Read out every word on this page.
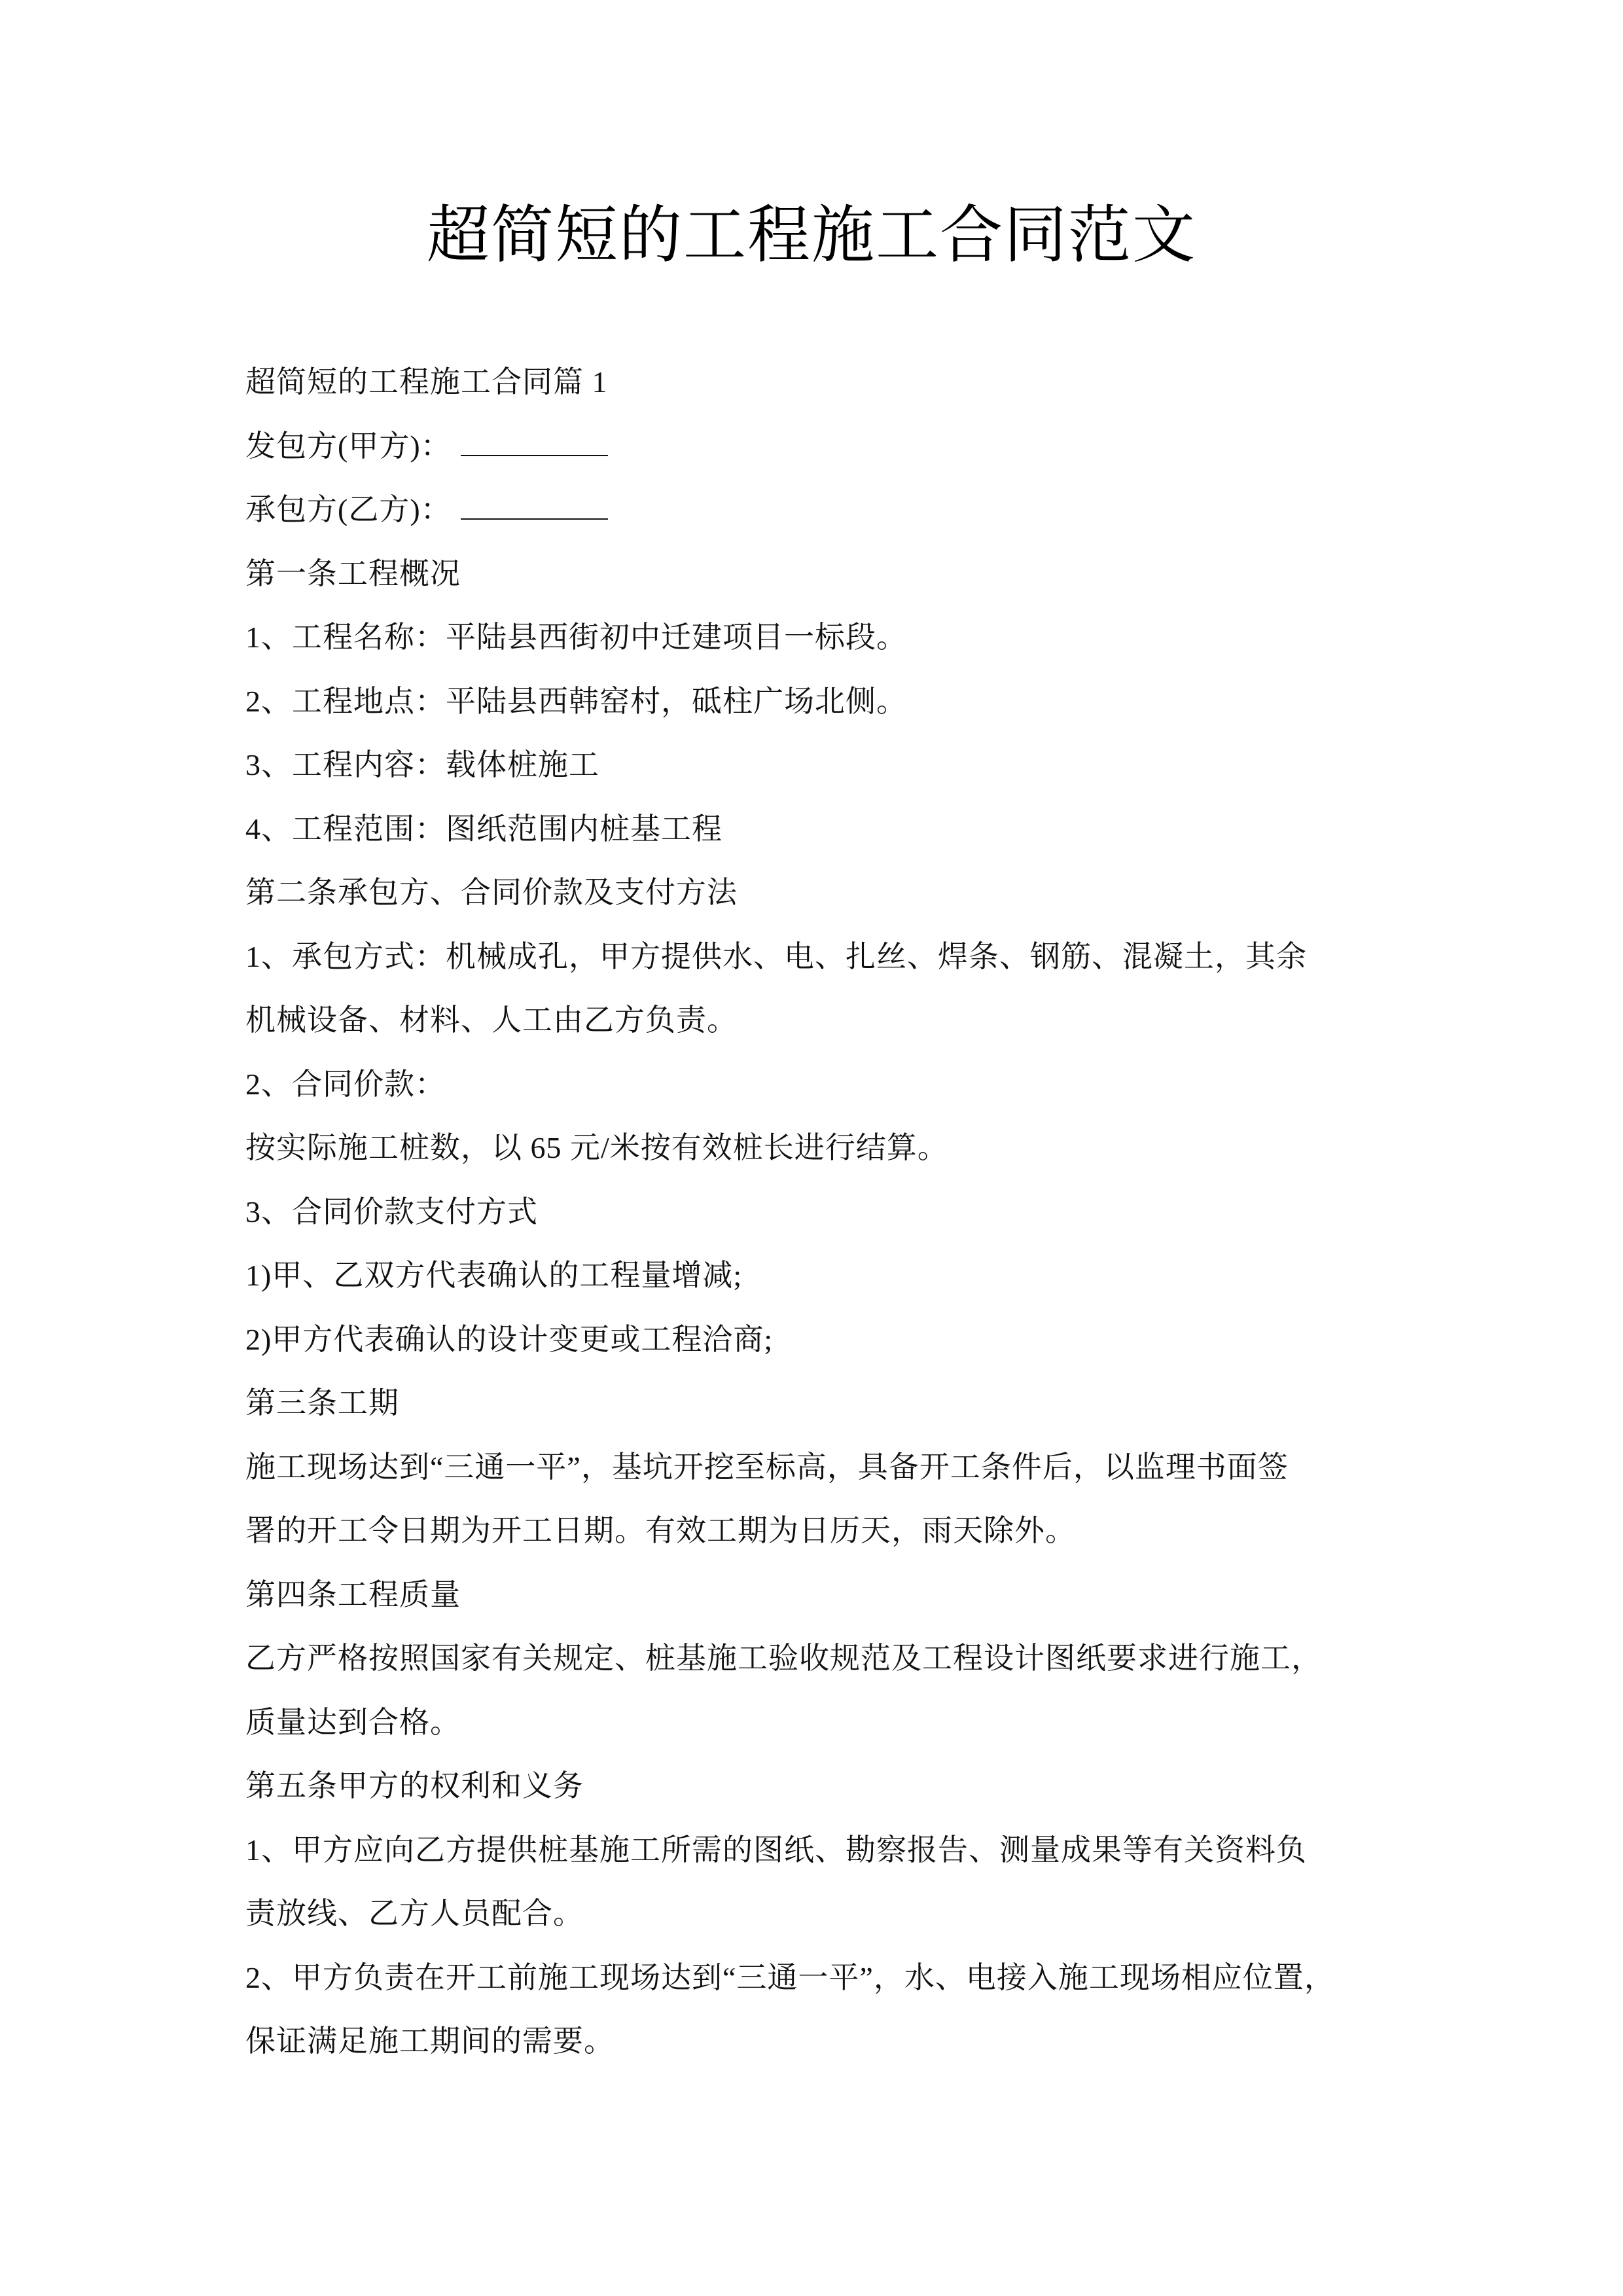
超简短的工程施工合同范文

超简短的工程施工合同篇 1

发包方(甲方)：

承包方(乙方)：

第一条工程概况

1、工程名称：平陆县西街初中迁建项目一标段。

2、工程地点：平陆县西韩窑村，砥柱广场北侧。

3、工程内容：载体桩施工

4、工程范围：图纸范围内桩基工程

第二条承包方、合同价款及支付方法

1、承包方式：机械成孔，甲方提供水、电、扎丝、焊条、钢筋、混凝土，其余

机械设备、材料、人工由乙方负责。

2、合同价款：

按实际施工桩数，以 65 元/米按有效桩长进行结算。

3、合同价款支付方式

1)甲、乙双方代表确认的工程量增减;

2)甲方代表确认的设计变更或工程洽商;

第三条工期

施工现场达到“三通一平”，基坑开挖至标高，具备开工条件后，以监理书面签

署的开工令日期为开工日期。有效工期为日历天，雨天除外。

第四条工程质量

乙方严格按照国家有关规定、桩基施工验收规范及工程设计图纸要求进行施工，

质量达到合格。

第五条甲方的权利和义务

1、甲方应向乙方提供桩基施工所需的图纸、勘察报告、测量成果等有关资料负

责放线、乙方人员配合。

2、甲方负责在开工前施工现场达到“三通一平”，水、电接入施工现场相应位置，

保证满足施工期间的需要。
